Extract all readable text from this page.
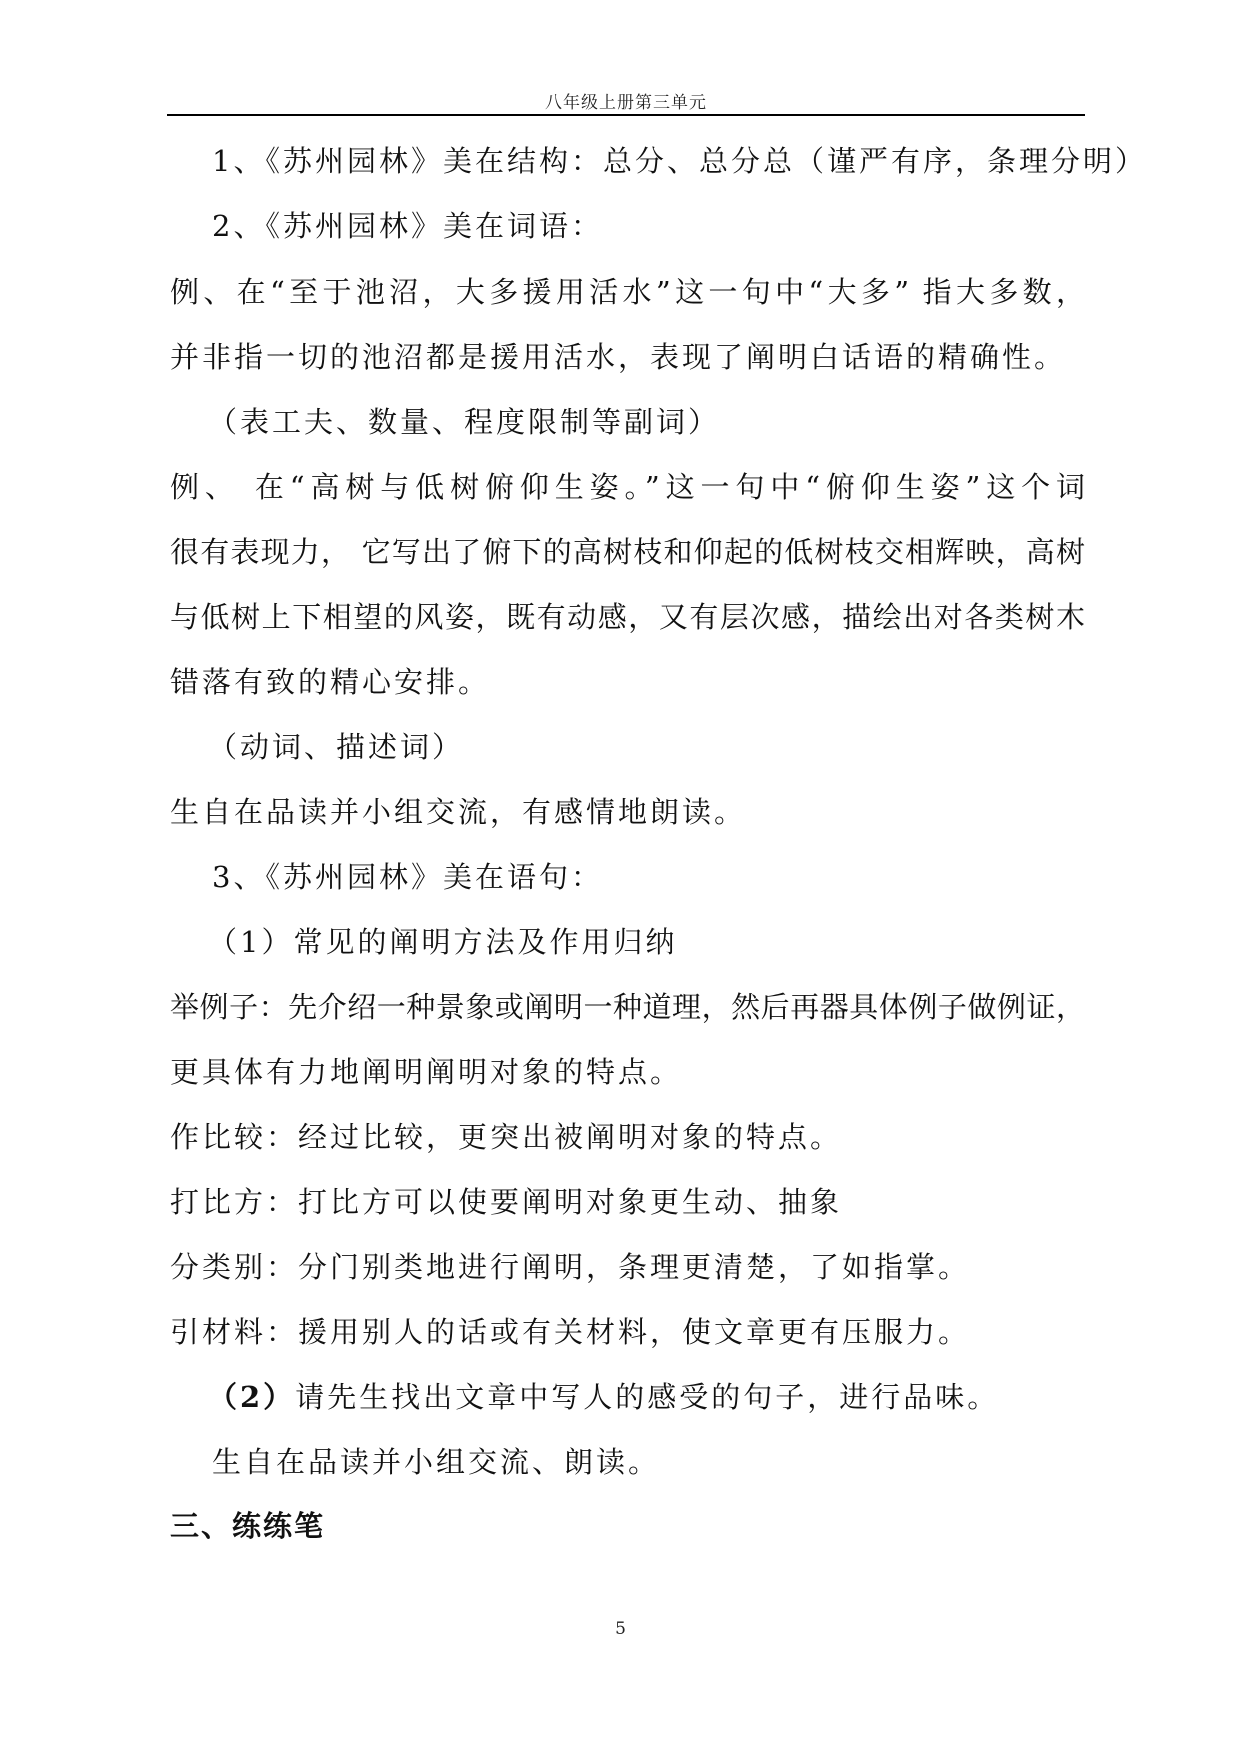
八年级上册第三单元
1、《苏州园林》美在结构：总分、总分总（谨严有序，条理分明）
2、《苏州园林》美在词语：
例、在“至于池沼，大多援用活水”这一句中“大多” 指大多数，
并非指一切的池沼都是援用活水，表现了阐明白话语的精确性。
（表工夫、数量、程度限制等副词）
例、 在“高树与低树俯仰生姿。”这一句中“俯仰生姿”这个词
很有表现力， 它写出了俯下的高树枝和仰起的低树枝交相辉映，高树
与低树上下相望的风姿，既有动感，又有层次感，描绘出对各类树木
错落有致的精心安排。
（动词、描述词）
生自在品读并小组交流，有感情地朗读。
3、《苏州园林》美在语句：
（1）常见的阐明方法及作用归纳
举例子：先介绍一种景象或阐明一种道理，然后再器具体例子做例证，
更具体有力地阐明阐明对象的特点。
作比较：经过比较，更突出被阐明对象的特点。
打比方：打比方可以使要阐明对象更生动、抽象
分类别：分门别类地进行阐明，条理更清楚，了如指掌。
引材料：援用别人的话或有关材料，使文章更有压服力。
（2）请先生找出文章中写人的感受的句子，进行品味。
生自在品读并小组交流、朗读。
三、练练笔
5
